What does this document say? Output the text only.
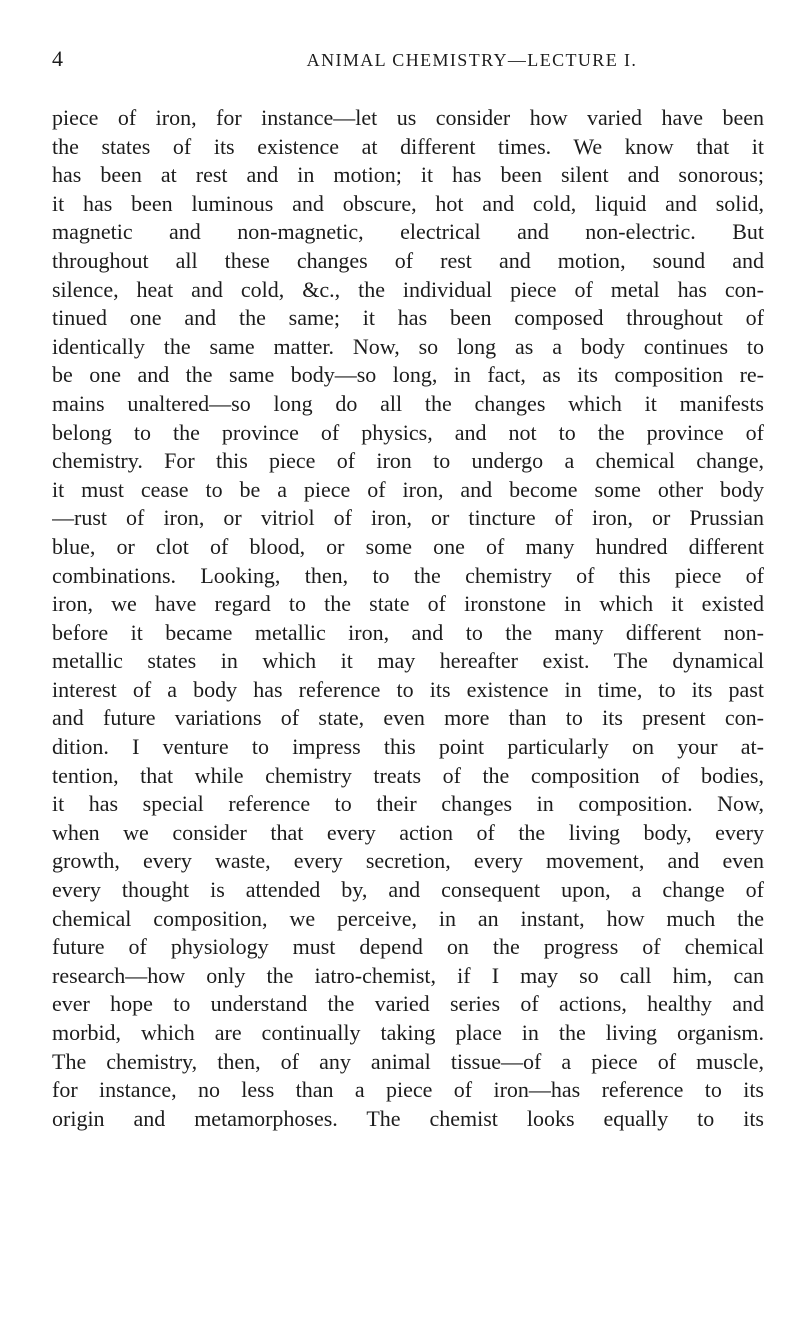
4	ANIMAL CHEMISTRY—LECTURE I.
piece of iron, for instance—let us consider how varied have been
the states of its existence at different times. We know that it
has been at rest and in motion; it has been silent and sonorous;
it has been luminous and obscure, hot and cold, liquid and solid,
magnetic and non-magnetic, electrical and non-electric. But
throughout all these changes of rest and motion, sound and
silence, heat and cold, &c., the individual piece of metal has con-
tinued one and the same; it has been composed throughout of
identically the same matter. Now, so long as a body continues to
be one and the same body—so long, in fact, as its composition re-
mains unaltered—so long do all the changes which it manifests
belong to the province of physics, and not to the province of
chemistry. For this piece of iron to undergo a chemical change,
it must cease to be a piece of iron, and become some other body
—rust of iron, or vitriol of iron, or tincture of iron, or Prussian
blue, or clot of blood, or some one of many hundred different
combinations. Looking, then, to the chemistry of this piece of
iron, we have regard to the state of ironstone in which it existed
before it became metallic iron, and to the many different non-
metallic states in which it may hereafter exist. The dynamical
interest of a body has reference to its existence in time, to its past
and future variations of state, even more than to its present con-
dition. I venture to impress this point particularly on your at-
tention, that while chemistry treats of the composition of bodies,
it has special reference to their changes in composition. Now,
when we consider that every action of the living body, every
growth, every waste, every secretion, every movement, and even
every thought is attended by, and consequent upon, a change of
chemical composition, we perceive, in an instant, how much the
future of physiology must depend on the progress of chemical
research—how only the iatro-chemist, if I may so call him, can
ever hope to understand the varied series of actions, healthy and
morbid, which are continually taking place in the living organism.
The chemistry, then, of any animal tissue—of a piece of muscle,
for instance, no less than a piece of iron—has reference to its
origin and metamorphoses. The chemist looks equally to its
